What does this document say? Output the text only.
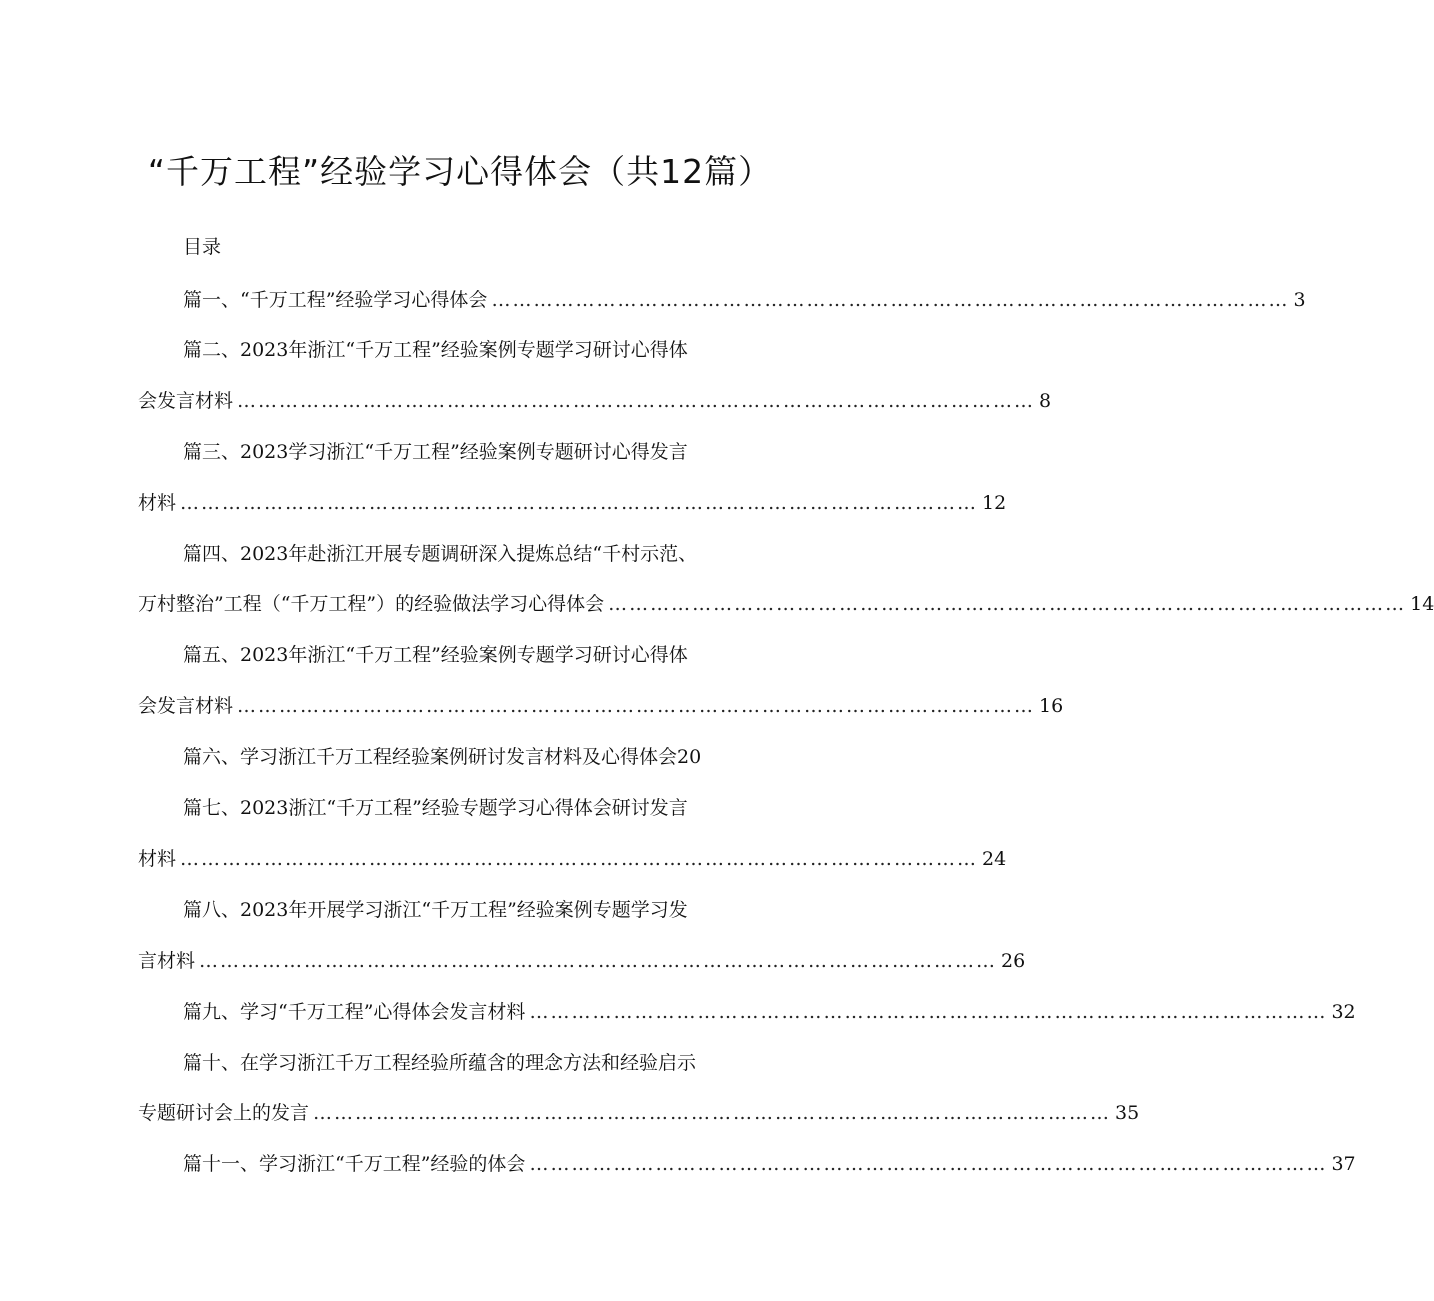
“千万工程”经验学习心得体会（共12篇）
目录
篇一、“千万工程”经验学习心得体会 …………………………………………………………………………………………………… 3
篇二、2023年浙江“千万工程”经验案例专题学习研讨心得体
会发言材料 …………………………………………………………………………………………………… 8
篇三、2023学习浙江“千万工程”经验案例专题研讨心得发言
材料 …………………………………………………………………………………………………… 12
篇四、2023年赴浙江开展专题调研深入提炼总结“千村示范、
万村整治”工程（“千万工程”）的经验做法学习心得体会 …………………………………………………………………………………………………… 14
篇五、2023年浙江“千万工程”经验案例专题学习研讨心得体
会发言材料 …………………………………………………………………………………………………… 16
篇六、学习浙江千万工程经验案例研讨发言材料及心得体会20
篇七、2023浙江“千万工程”经验专题学习心得体会研讨发言
材料 …………………………………………………………………………………………………… 24
篇八、2023年开展学习浙江“千万工程”经验案例专题学习发
言材料 …………………………………………………………………………………………………… 26
篇九、学习“千万工程”心得体会发言材料 …………………………………………………………………………………………………… 32
篇十、在学习浙江千万工程经验所蕴含的理念方法和经验启示
专题研讨会上的发言 …………………………………………………………………………………………………… 35
篇十一、学习浙江“千万工程”经验的体会 …………………………………………………………………………………………………… 37
